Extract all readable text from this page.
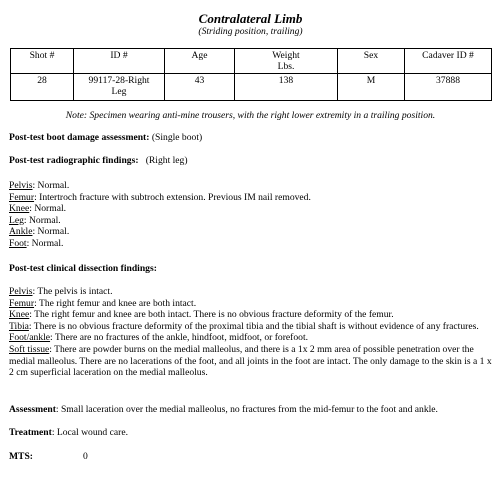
Contralateral Limb
(Striding position, trailing)
Shot #	ID #	Age	Weight Lbs.	Sex	Cadaver ID #
28	99117-28-Right Leg	43	138	M	37888
Note: Specimen wearing anti-mine trousers, with the right lower extremity in a trailing position.
Post-test boot damage assessment: (Single boot)
Post-test radiographic findings:   (Right leg)
Pelvis: Normal.
Femur: Intertroch fracture with subtroch extension. Previous IM nail removed.
Knee: Normal.
Leg: Normal.
Ankle: Normal.
Foot: Normal.
Post-test clinical dissection findings:
Pelvis: The pelvis is intact.
Femur: The right femur and knee are both intact.
Knee: The right femur and knee are both intact. There is no obvious fracture deformity of the femur.
Tibia: There is no obvious fracture deformity of the proximal tibia and the tibial shaft is without evidence of any fractures.
Foot/ankle: There are no fractures of the ankle, hindfoot, midfoot, or forefoot.
Soft tissue: There are powder burns on the medial malleolus, and there is a 1x 2 mm area of possible penetration over the medial malleolus. There are no lacerations of the foot, and all joints in the foot are intact. The only damage to the skin is a 1 x 2 cm superficial laceration on the medial malleolus.
Assessment: Small laceration over the medial malleolus, no fractures from the mid-femur to the foot and ankle.
Treatment: Local wound care.
MTS:	0
